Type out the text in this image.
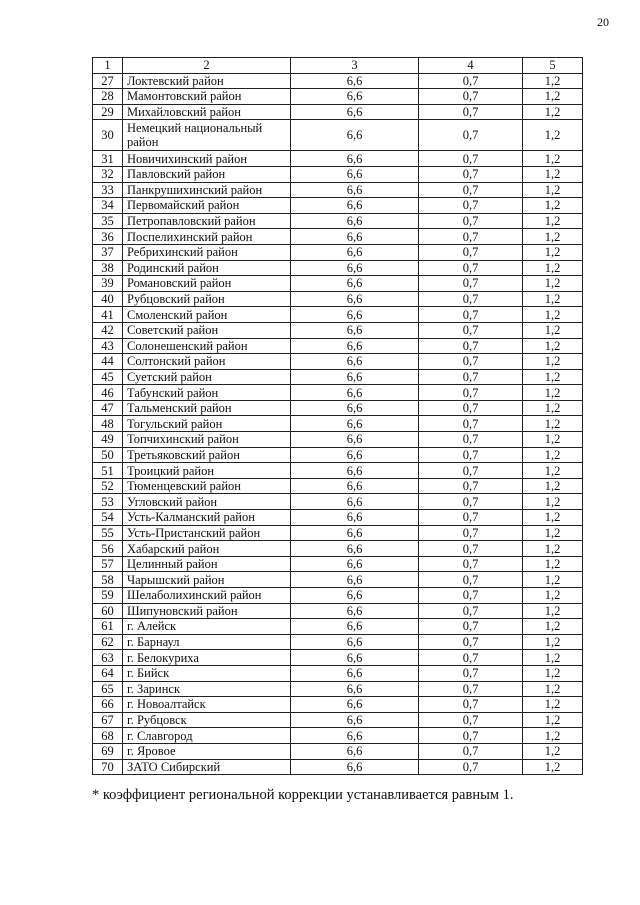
20
1	2	3	4	5
27	Локтевский район	6,6	0,7	1,2
28	Мамонтовский район	6,6	0,7	1,2
29	Михайловский район	6,6	0,7	1,2
30	Немецкий национальный район	6,6	0,7	1,2
31	Новичихинский район	6,6	0,7	1,2
32	Павловский район	6,6	0,7	1,2
33	Панкрушихинский район	6,6	0,7	1,2
34	Первомайский район	6,6	0,7	1,2
35	Петропавловский район	6,6	0,7	1,2
36	Поспелихинский район	6,6	0,7	1,2
37	Ребрихинский район	6,6	0,7	1,2
38	Родинский район	6,6	0,7	1,2
39	Романовский район	6,6	0,7	1,2
40	Рубцовский район	6,6	0,7	1,2
41	Смоленский район	6,6	0,7	1,2
42	Советский район	6,6	0,7	1,2
43	Солонешенский район	6,6	0,7	1,2
44	Солтонский район	6,6	0,7	1,2
45	Суетский район	6,6	0,7	1,2
46	Табунский район	6,6	0,7	1,2
47	Тальменский район	6,6	0,7	1,2
48	Тогульский район	6,6	0,7	1,2
49	Топчихинский район	6,6	0,7	1,2
50	Третьяковский район	6,6	0,7	1,2
51	Троицкий район	6,6	0,7	1,2
52	Тюменцевский район	6,6	0,7	1,2
53	Угловский район	6,6	0,7	1,2
54	Усть-Калманский район	6,6	0,7	1,2
55	Усть-Пристанский район	6,6	0,7	1,2
56	Хабарский район	6,6	0,7	1,2
57	Целинный район	6,6	0,7	1,2
58	Чарышский район	6,6	0,7	1,2
59	Шелаболихинский район	6,6	0,7	1,2
60	Шипуновский район	6,6	0,7	1,2
61	г. Алейск	6,6	0,7	1,2
62	г. Барнаул	6,6	0,7	1,2
63	г. Белокуриха	6,6	0,7	1,2
64	г. Бийск	6,6	0,7	1,2
65	г. Заринск	6,6	0,7	1,2
66	г. Новоалтайск	6,6	0,7	1,2
67	г. Рубцовск	6,6	0,7	1,2
68	г. Славгород	6,6	0,7	1,2
69	г. Яровое	6,6	0,7	1,2
70	ЗАТО Сибирский	6,6	0,7	1,2
* коэффициент региональной коррекции устанавливается равным 1.
